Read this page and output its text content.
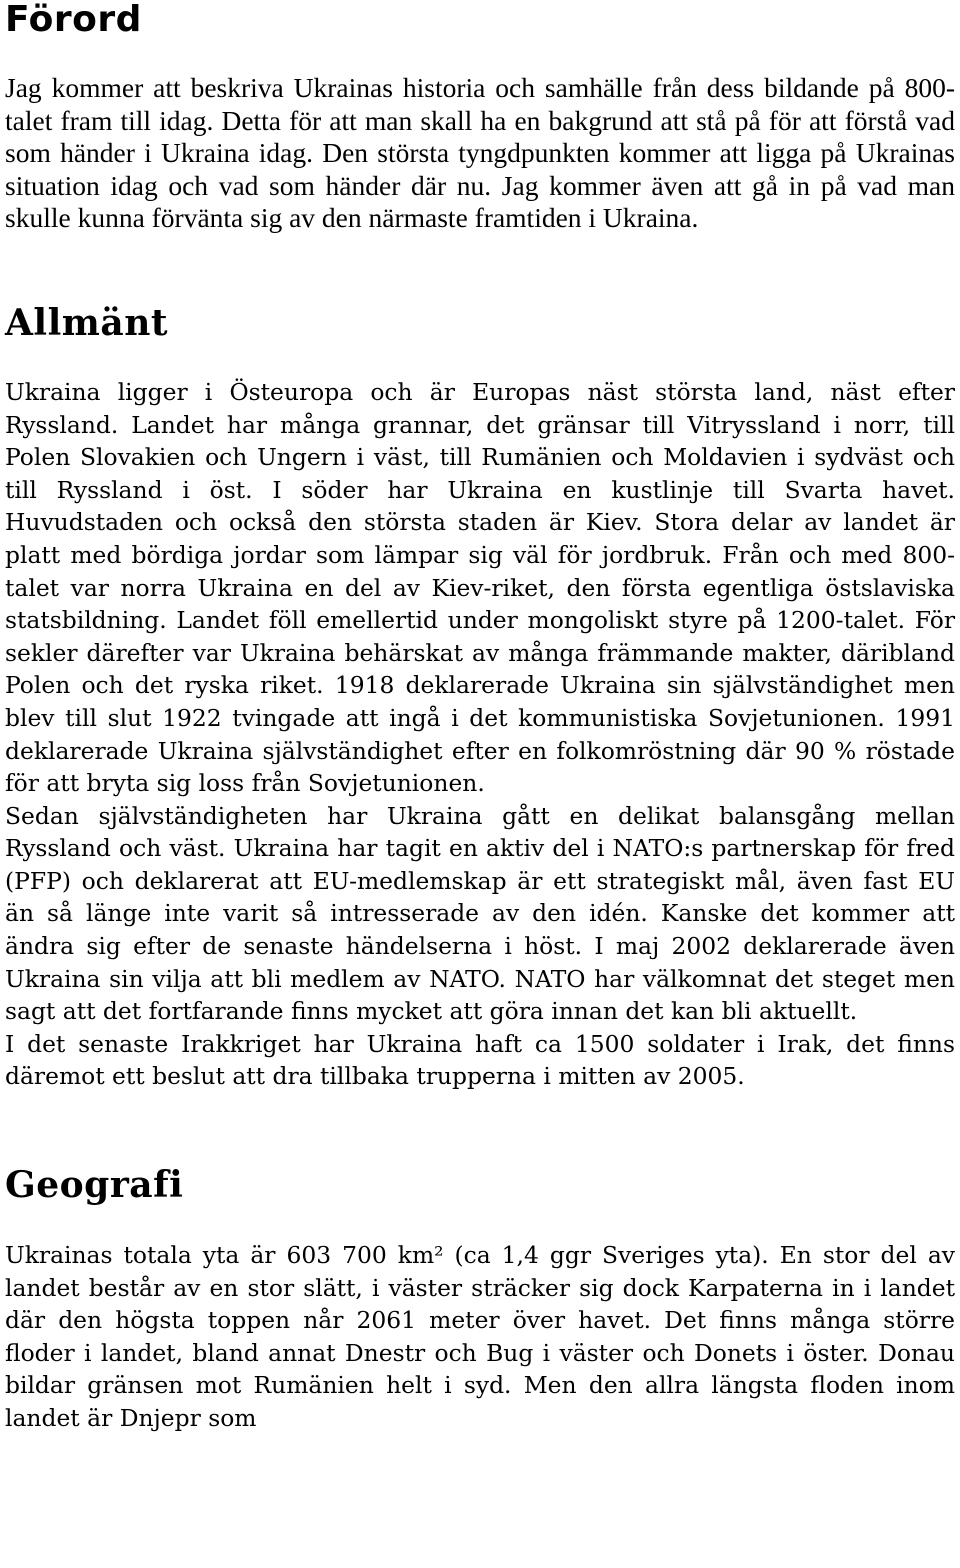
Förord

Jag kommer att beskriva Ukrainas historia och samhälle från dess bildande på 800-talet fram till idag. Detta för att man skall ha en bakgrund att stå på för att förstå vad som händer i Ukraina idag. Den största tyngdpunkten kommer att ligga på Ukrainas situation idag och vad som händer där nu. Jag kommer även att gå in på vad man skulle kunna förvänta sig av den närmaste framtiden i Ukraina.

Allmänt

Ukraina ligger i Östeuropa och är Europas näst största land, näst efter Ryssland. Landet har många grannar, det gränsar till Vitryssland i norr, till Polen Slovakien och Ungern i väst, till Rumänien och Moldavien i sydväst och till Ryssland i öst. I söder har Ukraina en kustlinje till Svarta havet. Huvudstaden och också den största staden är Kiev. Stora delar av landet är platt med bördiga jordar som lämpar sig väl för jordbruk. Från och med 800-talet var norra Ukraina en del av Kiev-riket, den första egentliga östslaviska statsbildning. Landet föll emellertid under mongoliskt styre på 1200-talet. För sekler därefter var Ukraina behärskat av många främmande makter, däribland Polen och det ryska riket. 1918 deklarerade Ukraina sin självständighet men blev till slut 1922 tvingade att ingå i det kommunistiska Sovjetunionen. 1991 deklarerade Ukraina självständighet efter en folkomröstning där 90 % röstade för att bryta sig loss från Sovjetunionen.

Sedan självständigheten har Ukraina gått en delikat balansgång mellan Ryssland och väst. Ukraina har tagit en aktiv del i NATO:s partnerskap för fred (PFP) och deklarerat att EU-medlemskap är ett strategiskt mål, även fast EU än så länge inte varit så intresserade av den idén. Kanske det kommer att ändra sig efter de senaste händelserna i höst. I maj 2002 deklarerade även Ukraina sin vilja att bli medlem av NATO. NATO har välkomnat det steget men sagt att det fortfarande finns mycket att göra innan det kan bli aktuellt.

I det senaste Irakkriget har Ukraina haft ca 1500 soldater i Irak, det finns däremot ett beslut att dra tillbaka trupperna i mitten av 2005.

Geografi

Ukrainas totala yta är 603 700 km² (ca 1,4 ggr Sveriges yta). En stor del av landet består av en stor slätt, i väster sträcker sig dock Karpaterna in i landet där den högsta toppen når 2061 meter över havet. Det finns många större floder i landet, bland annat Dnestr och Bug i väster och Donets i öster. Donau bildar gränsen mot Rumänien helt i syd. Men den allra längsta floden inom landet är Dnjepr som
